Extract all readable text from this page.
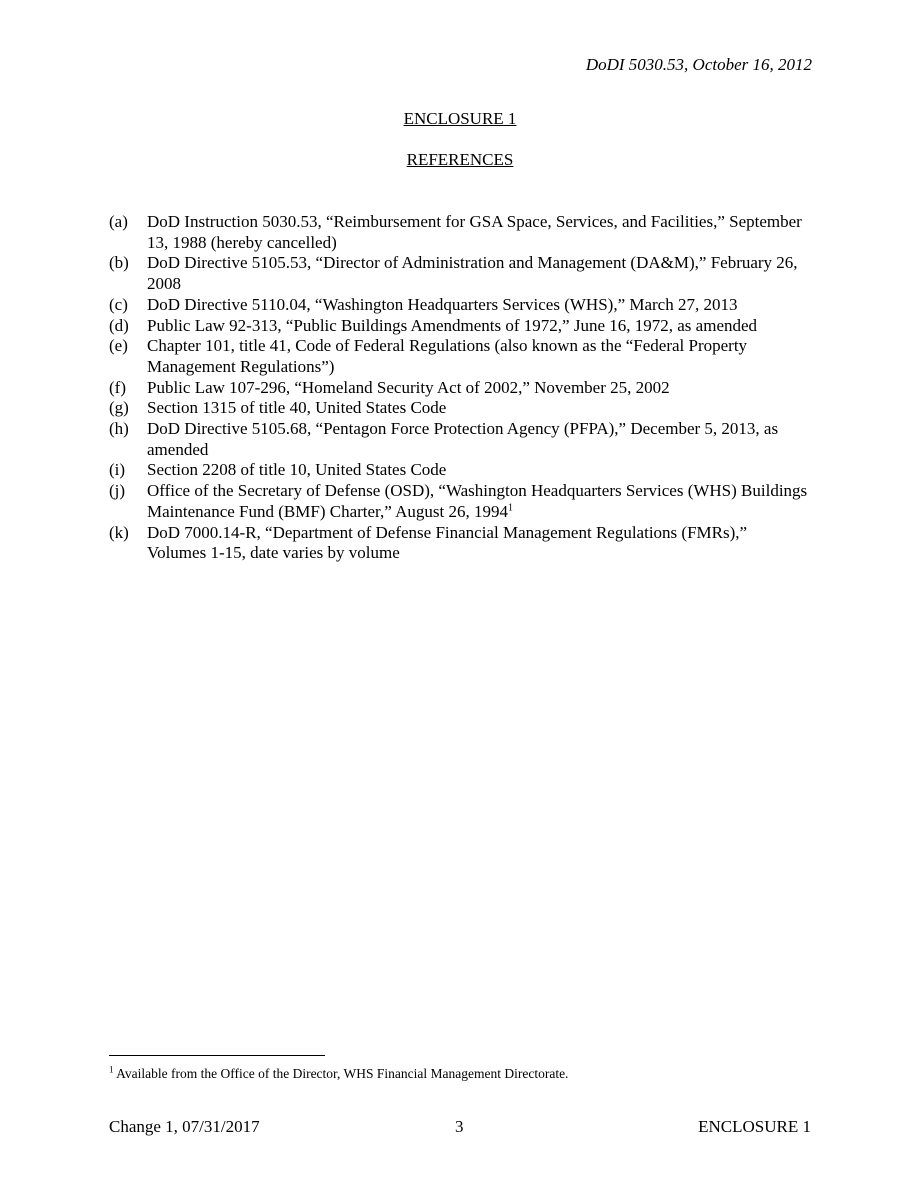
DoDI 5030.53, October 16, 2012
ENCLOSURE 1
REFERENCES
(a)	DoD Instruction 5030.53, “Reimbursement for GSA Space, Services, and Facilities,” September 13, 1988 (hereby cancelled)
(b)	DoD Directive 5105.53, “Director of Administration and Management (DA&M),” February 26, 2008
(c)	DoD Directive 5110.04, “Washington Headquarters Services (WHS),” March 27, 2013
(d)	Public Law 92-313, “Public Buildings Amendments of 1972,” June 16, 1972, as amended
(e)	Chapter 101, title 41, Code of Federal Regulations (also known as the “Federal Property Management Regulations”)
(f)	Public Law 107-296, “Homeland Security Act of 2002,” November 25, 2002
(g)	Section 1315 of title 40, United States Code
(h)	DoD Directive 5105.68, “Pentagon Force Protection Agency (PFPA),” December 5, 2013, as amended
(i)	Section 2208 of title 10, United States Code
(j)	Office of the Secretary of Defense (OSD), “Washington Headquarters Services (WHS) Buildings Maintenance Fund (BMF) Charter,” August 26, 1994$^1$
(k)	DoD 7000.14-R, “Department of Defense Financial Management Regulations (FMRs),” Volumes 1-15, date varies by volume
$^1$ Available from the Office of the Director, WHS Financial Management Directorate.
Change 1, 07/31/2017	3	ENCLOSURE 1
